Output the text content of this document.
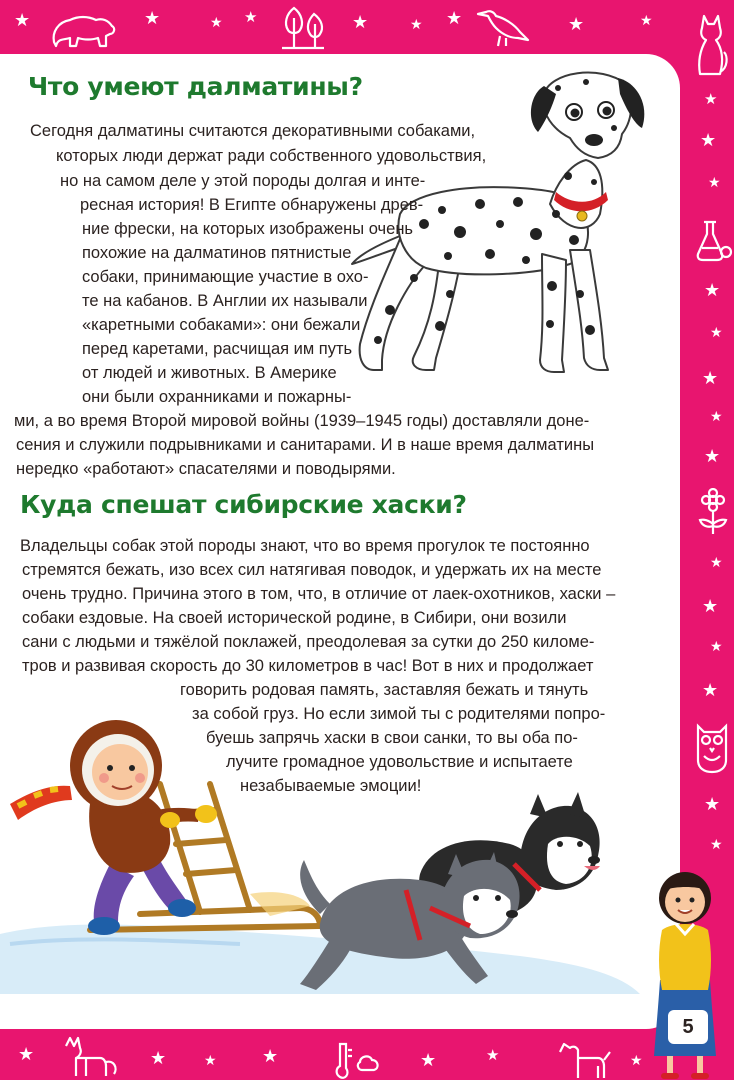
★	★	★ ★	★	★ ★	★	★
★
★
★
★
★
★
★
★
★
★
★
★
★
★
★	★	★	★	★	★	★
Что умеют далматины?
Сегодня далматины считаются декоративными собаками,
которых люди держат ради собственного удовольствия,
но на самом деле у этой породы долгая и инте-
ресная история! В Египте обнаружены древ-
ние фрески, на которых изображены очень
похожие на далматинов пятнистые
собаки, принимающие участие в охо-
те на кабанов. В Англии их называли
«каретными собаками»: они бежали
перед каретами, расчищая им путь
от людей и животных. В Америке
они были охранниками и пожарны-
ми, а во время Второй мировой войны (1939–1945 годы) доставляли доне-
сения и служили подрывниками и санитарами. И в наше время далматины
нередко «работают» спасателями и поводырями.
Куда спешат сибирские хаски?
Владельцы собак этой породы знают, что во время прогулок те постоянно
стремятся бежать, изо всех сил натягивая поводок, и удержать их на месте
очень трудно. Причина этого в том, что, в отличие от лаек-охотников, хаски –
собаки ездовые. На своей исторической родине, в Сибири, они возили
сани с людьми и тяжёлой поклажей, преодолевая за сутки до 250 киломе-
тров и развивая скорость до 30 километров в час! Вот в них и продолжает
говорить родовая память, заставляя бежать и тянуть
за собой груз. Но если зимой ты с родителями попро-
буешь запрячь хаски в свои санки, то вы оба по-
лучите громадное удовольствие и испытаете
незабываемые эмоции!
5
